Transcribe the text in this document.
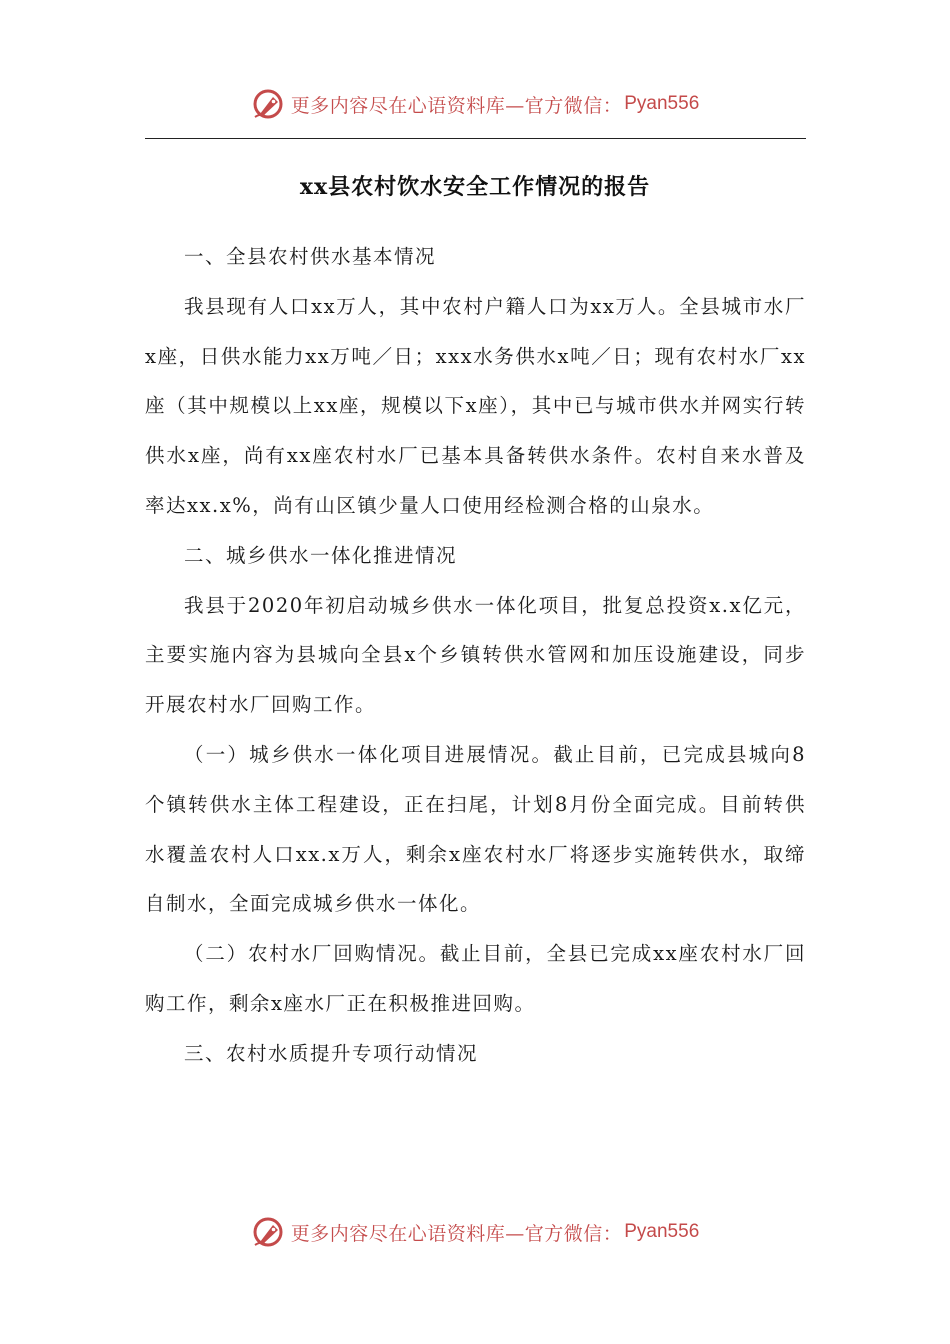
更多内容尽在心语资料库—官方微信： Pyan556
xx县农村饮水安全工作情况的报告

一、全县农村供水基本情况

我县现有人口xx万人，其中农村户籍人口为xx万人。全县城市水厂x座，日供水能力xx万吨／日；xxx水务供水x吨／日；现有农村水厂xx座（其中规模以上xx座，规模以下x座），其中已与城市供水并网实行转供水x座，尚有xx座农村水厂已基本具备转供水条件。农村自来水普及率达xx.x%，尚有山区镇少量人口使用经检测合格的山泉水。

二、城乡供水一体化推进情况

我县于2020年初启动城乡供水一体化项目，批复总投资x.x亿元，主要实施内容为县城向全县x个乡镇转供水管网和加压设施建设，同步开展农村水厂回购工作。

（一）城乡供水一体化项目进展情况。截止目前，已完成县城向8个镇转供水主体工程建设，正在扫尾，计划8月份全面完成。目前转供水覆盖农村人口xx.x万人，剩余x座农村水厂将逐步实施转供水，取缔自制水，全面完成城乡供水一体化。

（二）农村水厂回购情况。截止目前，全县已完成xx座农村水厂回购工作，剩余x座水厂正在积极推进回购。

三、农村水质提升专项行动情况

更多内容尽在心语资料库—官方微信： Pyan556
